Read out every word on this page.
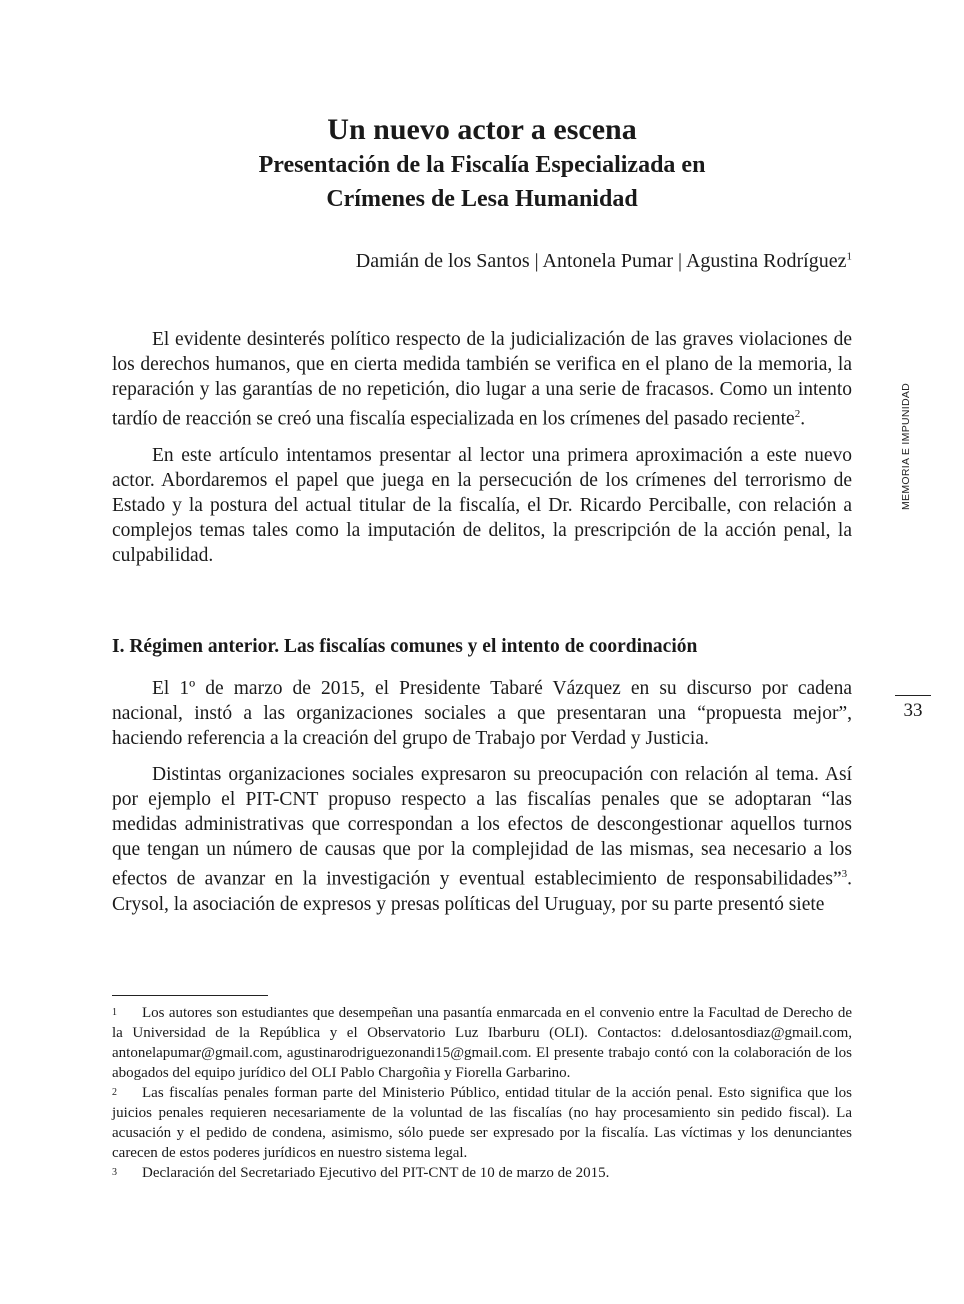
Un nuevo actor a escena

Presentación de la Fiscalía Especializada en

Crímenes de Lesa Humanidad

Damián de los Santos | Antonela Pumar | Agustina Rodríguez$^1$

El evidente desinterés político respecto de la judicialización de las graves violaciones de los derechos humanos, que en cierta medida también se verifica en el plano de la memoria, la reparación y las garantías de no repetición, dio lugar a una serie de fracasos. Como un intento tardío de reacción se creó una fiscalía especializada en los crímenes del pasado reciente$^2$.

En este artículo intentamos presentar al lector una primera aproximación a este nuevo actor. Abordaremos el papel que juega en la persecución de los crímenes del terrorismo de Estado y la postura del actual titular de la fiscalía, el Dr. Ricardo Perciballe, con relación a complejos temas tales como la imputación de delitos, la prescripción de la acción penal, la culpabilidad.

I. Régimen anterior. Las fiscalías comunes y el intento de coordinación

El 1º de marzo de 2015, el Presidente Tabaré Vázquez en su discurso por cadena nacional, instó a las organizaciones sociales a que presentaran una “propuesta mejor”, haciendo referencia a la creación del grupo de Trabajo por Verdad y Justicia.

Distintas organizaciones sociales expresaron su preocupación con relación al tema. Así por ejemplo el PIT-CNT propuso respecto a las fiscalías penales que se adoptaran “las medidas administrativas que correspondan a los efectos de descongestionar aquellos turnos que tengan un número de causas que por la complejidad de las mismas, sea necesario a los efectos de avanzar en la investigación y eventual establecimiento de responsabilidades”$^3$. Crysol, la asociación de expresos y presas políticas del Uruguay, por su parte presentó siete

MEMORIA E IMPUNIDAD
33

1 Los autores son estudiantes que desempeñan una pasantía enmarcada en el convenio entre la Facultad de Derecho de la Universidad de la República y el Observatorio Luz Ibarburu (OLI). Contactos: d.delosantosdiaz@gmail.com, antonelapumar@gmail.com, agustinarodriguezonandi15@gmail.com. El presente trabajo contó con la colaboración de los abogados del equipo jurídico del OLI Pablo Chargoñia y Fiorella Garbarino.

2 Las fiscalías penales forman parte del Ministerio Público, entidad titular de la acción penal. Esto significa que los juicios penales requieren necesariamente de la voluntad de las fiscalías (no hay procesamiento sin pedido fiscal). La acusación y el pedido de condena, asimismo, sólo puede ser expresado por la fiscalía. Las víctimas y los denunciantes carecen de estos poderes jurídicos en nuestro sistema legal.

3 Declaración del Secretariado Ejecutivo del PIT-CNT de 10 de marzo de 2015.
